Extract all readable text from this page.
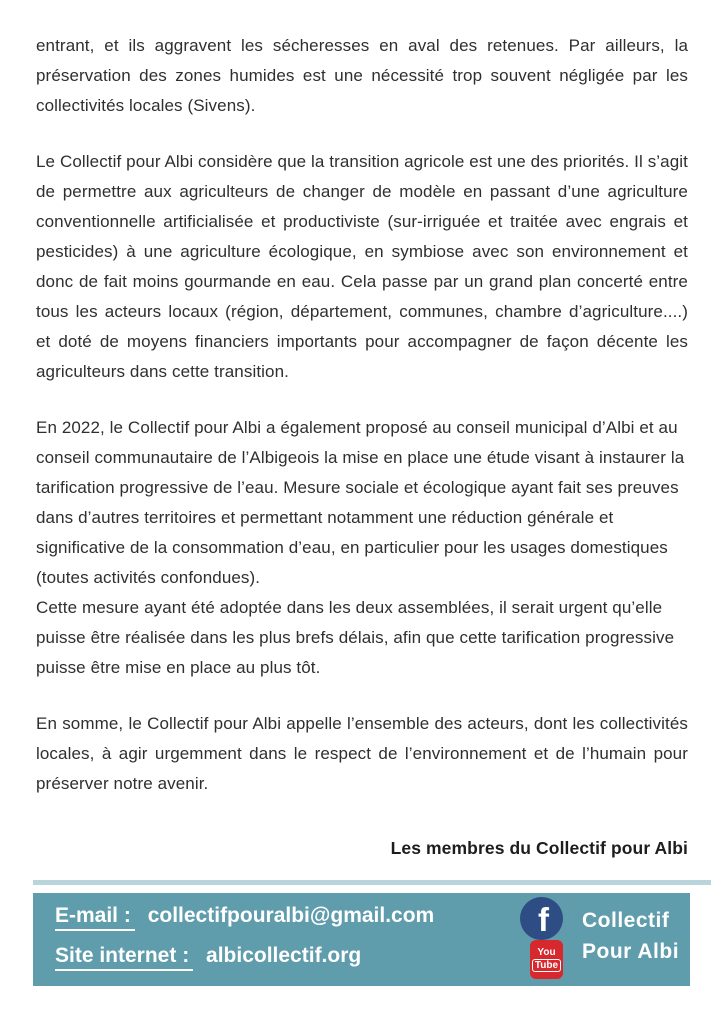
entrant, et ils aggravent les sécheresses en aval des retenues. Par ailleurs, la préservation des zones humides est une nécessité trop souvent négligée par les collectivités locales (Sivens).

Le Collectif pour Albi considère que la transition agricole est une des priorités. Il s’agit de permettre aux agriculteurs de changer de modèle en passant d’une agriculture conventionnelle artificialisée et productiviste (sur-irriguée et traitée avec engrais et pesticides) à une agriculture écologique, en symbiose avec son environnement et donc de fait moins gourmande en eau. Cela passe par un grand plan concerté entre tous les acteurs locaux (région, département, communes, chambre d’agriculture....) et doté de moyens financiers importants pour accompagner de façon décente les agriculteurs dans cette transition.

En 2022, le Collectif pour Albi a également proposé au conseil municipal d’Albi et au conseil communautaire de l’Albigeois la mise en place une étude visant à instaurer la tarification progressive de l’eau. Mesure sociale et écologique ayant fait ses preuves dans d’autres territoires et permettant notamment une réduction générale et significative de la consommation d’eau, en particulier pour les usages domestiques (toutes activités confondues).

Cette mesure ayant été adoptée dans les deux assemblées, il serait urgent qu’elle puisse être réalisée dans les plus brefs délais, afin que cette tarification progressive puisse être mise en place au plus tôt.

En somme, le Collectif pour Albi appelle l’ensemble des acteurs, dont les collectivités locales, à agir urgemment dans le respect de l’environnement et de l’humain pour préserver notre avenir.

Les membres du Collectif pour Albi

E-mail : collectifpouralbi@gmail.com
Site internet : albicollectif.org
f
You
Tube
Collectif
Pour Albi
